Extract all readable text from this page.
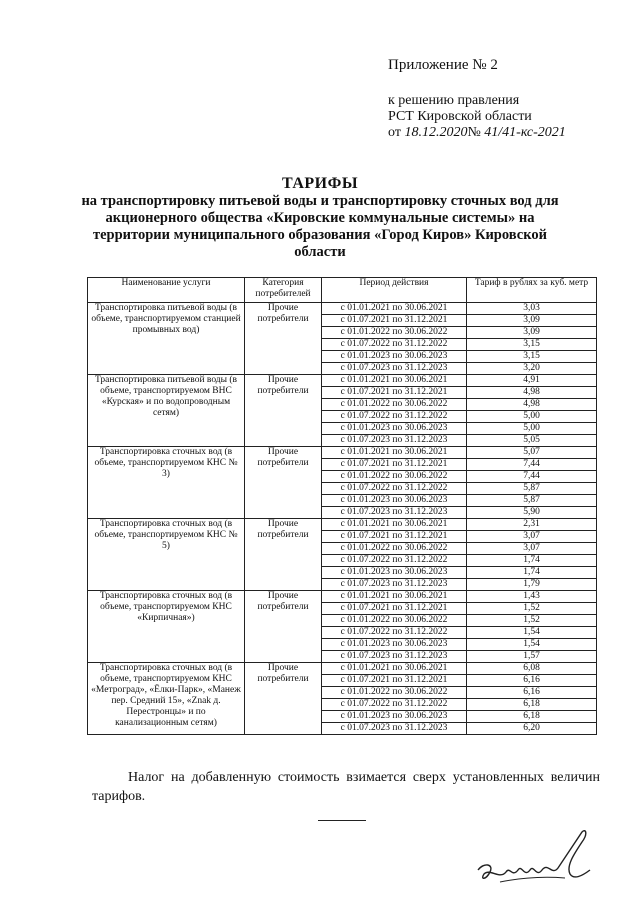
Приложение № 2
к решению правления
РСТ Кировской области
от 18.12.2020№ 41/41-кс-2021
ТАРИФЫ
на транспортировку питьевой воды и транспортировку сточных вод для
акционерного общества «Кировские коммунальные системы» на
территории муниципального образования «Город Киров» Кировской
области
Наименование услуги	Категория потребителей	Период действия	Тариф в рублях за куб. метр
Транспортировка питьевой воды (в объеме, транспортируемом станцией промывных вод)	Прочие потребители	с 01.01.2021 по 30.06.2021	3,03
		с 01.07.2021 по 31.12.2021	3,09
		с 01.01.2022 по 30.06.2022	3,09
		с 01.07.2022 по 31.12.2022	3,15
		с 01.01.2023 по 30.06.2023	3,15
		с 01.07.2023 по 31.12.2023	3,20
Транспортировка питьевой воды (в объеме, транспортируемом ВНС «Курская» и по водопроводным сетям)	Прочие потребители	с 01.01.2021 по 30.06.2021	4,91
		с 01.07.2021 по 31.12.2021	4,98
		с 01.01.2022 по 30.06.2022	4,98
		с 01.07.2022 по 31.12.2022	5,00
		с 01.01.2023 по 30.06.2023	5,00
		с 01.07.2023 по 31.12.2023	5,05
Транспортировка сточных вод (в объеме, транспортируемом КНС № 3)	Прочие потребители	с 01.01.2021 по 30.06.2021	5,07
		с 01.07.2021 по 31.12.2021	7,44
		с 01.01.2022 по 30.06.2022	7,44
		с 01.07.2022 по 31.12.2022	5,87
		с 01.01.2023 по 30.06.2023	5,87
		с 01.07.2023 по 31.12.2023	5,90
Транспортировка сточных вод (в объеме, транспортируемом КНС № 5)	Прочие потребители	с 01.01.2021 по 30.06.2021	2,31
		с 01.07.2021 по 31.12.2021	3,07
		с 01.01.2022 по 30.06.2022	3,07
		с 01.07.2022 по 31.12.2022	1,74
		с 01.01.2023 по 30.06.2023	1,74
		с 01.07.2023 по 31.12.2023	1,79
Транспортировка сточных вод (в объеме, транспортируемом КНС «Кирпичная»)	Прочие потребители	с 01.01.2021 по 30.06.2021	1,43
		с 01.07.2021 по 31.12.2021	1,52
		с 01.01.2022 по 30.06.2022	1,52
		с 01.07.2022 по 31.12.2022	1,54
		с 01.01.2023 по 30.06.2023	1,54
		с 01.07.2023 по 31.12.2023	1,57
Транспортировка сточных вод (в объеме, транспортируемом КНС «Метроград», «Ёлки-Парк», «Манеж пер. Средний 15», «Znak д. Перестронцы» и по канализационным сетям)	Прочие потребители	с 01.01.2021 по 30.06.2021	6,08
		с 01.07.2021 по 31.12.2021	6,16
		с 01.01.2022 по 30.06.2022	6,16
		с 01.07.2022 по 31.12.2022	6,18
		с 01.01.2023 по 30.06.2023	6,18
		с 01.07.2023 по 31.12.2023	6,20
Налог на добавленную стоимость взимается сверх установленных величин тарифов.
